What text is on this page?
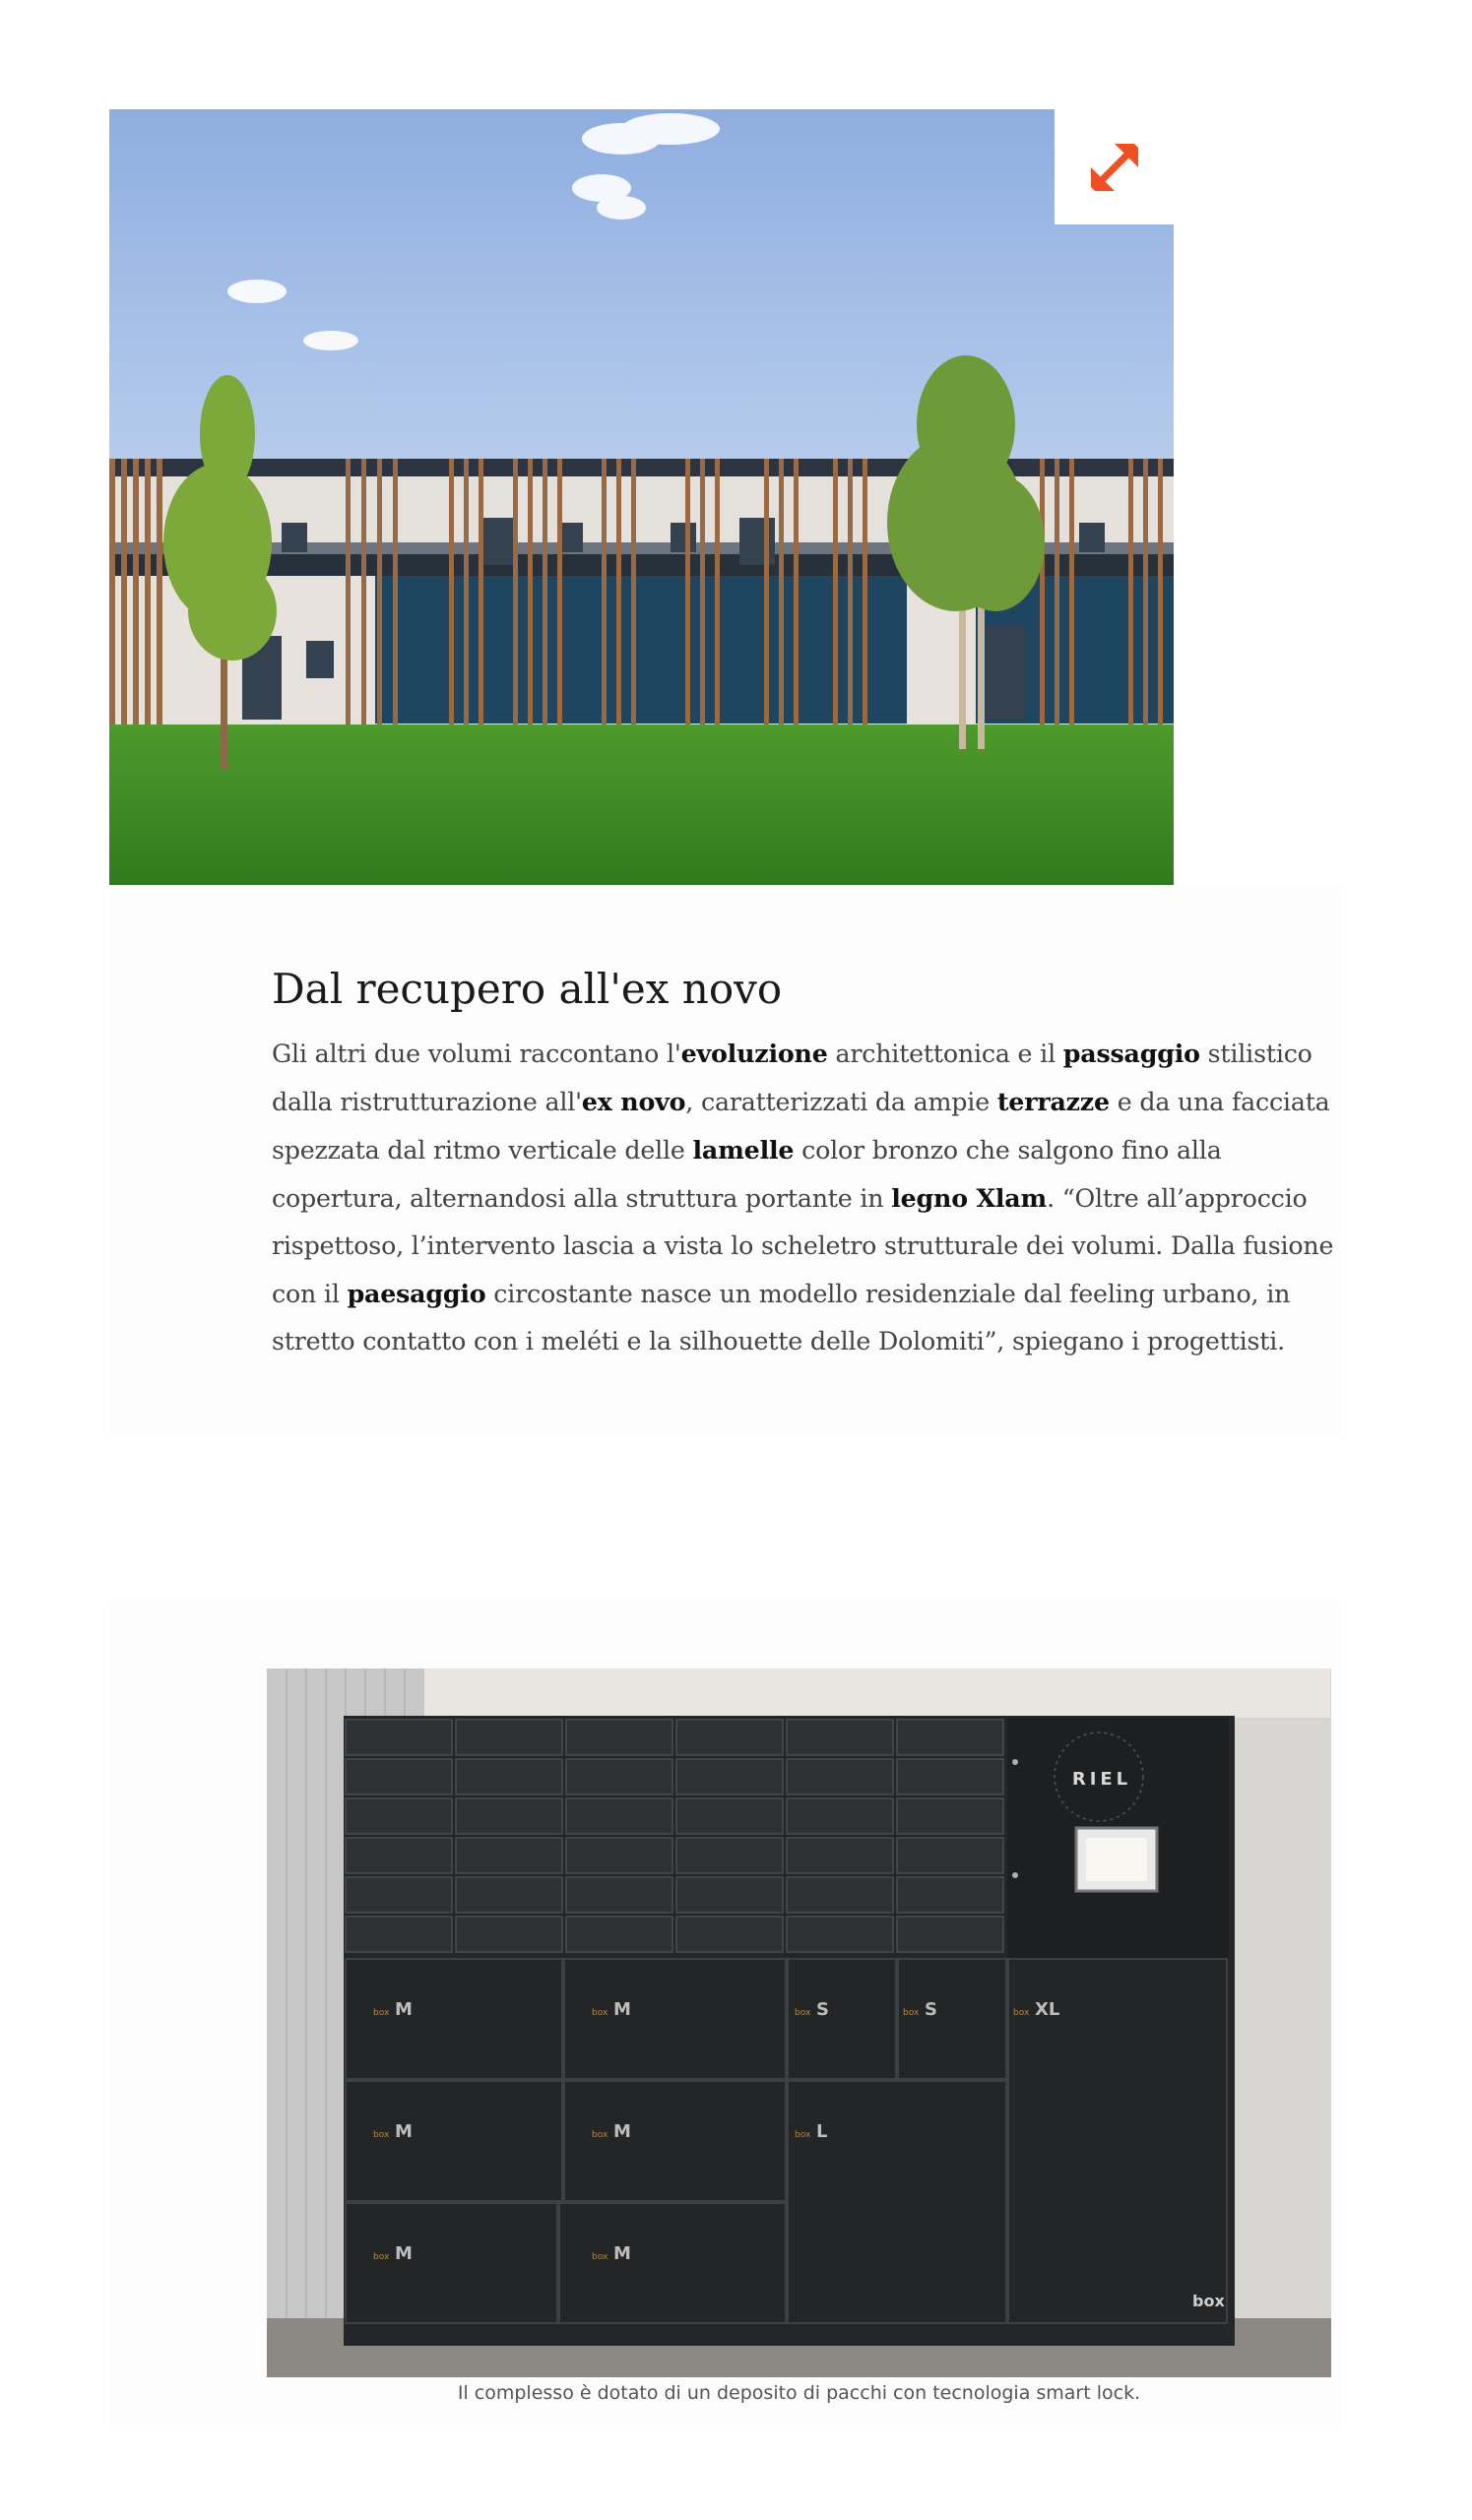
Dal recupero all'ex novo

Gli altri due volumi raccontano l'evoluzione architettonica e il passaggio stilistico dalla ristrutturazione all'ex novo, caratterizzati da ampie terrazze e da una facciata spezzata dal ritmo verticale delle lamelle color bronzo che salgono fino alla copertura, alternandosi alla struttura portante in legno Xlam. “Oltre all’approccio rispettoso, l’intervento lascia a vista lo scheletro strutturale dei volumi. Dalla fusione con il paesaggio circostante nasce un modello residenziale dal feeling urbano, in stretto contatto con i meléti e la silhouette delle Dolomiti”, spiegano i progettisti.

RIEL
box M	box M	box S	box S	box XL
box M	box M	box L
box M	box M
box

Il complesso è dotato di un deposito di pacchi con tecnologia smart lock.
